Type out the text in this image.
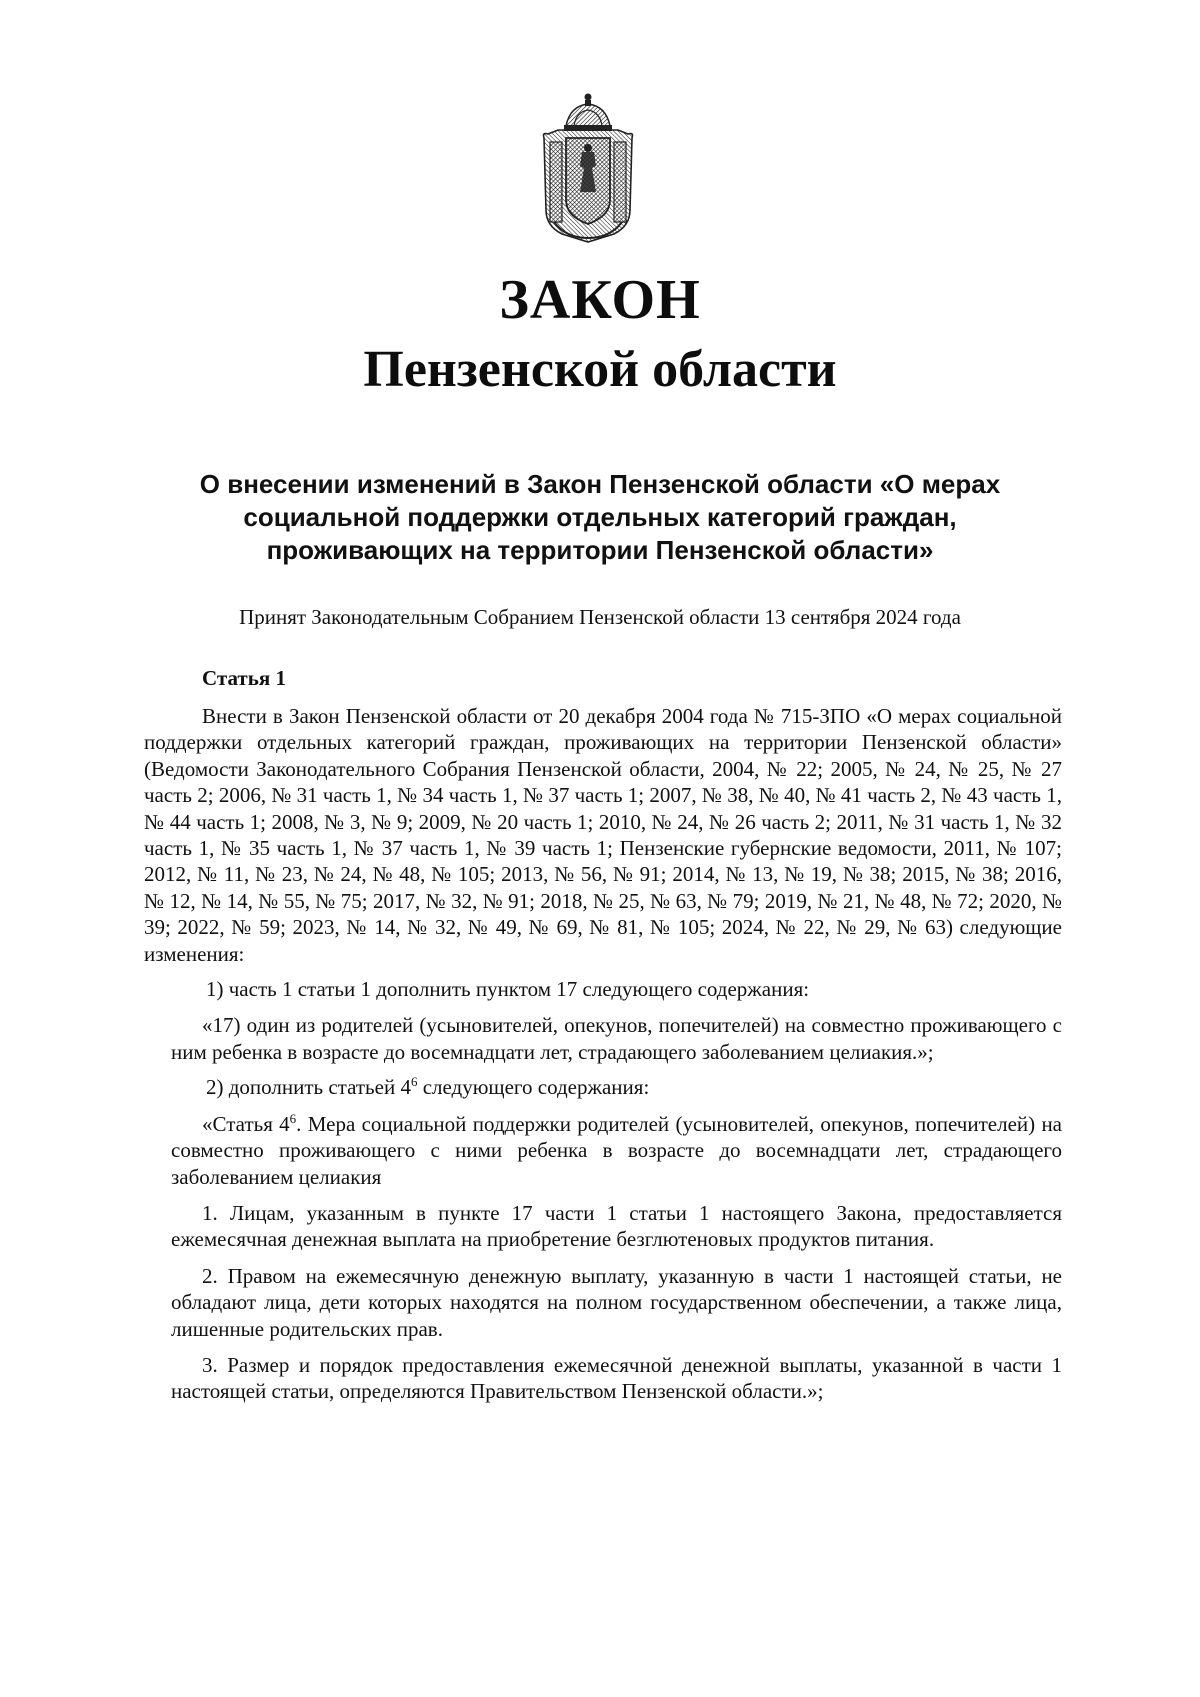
ЗАКОН
Пензенской области
О внесении изменений в Закон Пензенской области «О мерах социальной поддержки отдельных категорий граждан, проживающих на территории Пензенской области»

Принят Законодательным Собранием Пензенской области 13 сентября 2024 года

Статья 1

Внести в Закон Пензенской области от 20 декабря 2004 года № 715-ЗПО «О мерах социальной поддержки отдельных категорий граждан, проживающих на территории Пензенской области» (Ведомости Законодательного Собрания Пензенской области, 2004, № 22; 2005, № 24, № 25, № 27 часть 2; 2006, № 31 часть 1, № 34 часть 1, № 37 часть 1; 2007, № 38, № 40, № 41 часть 2, № 43 часть 1, № 44 часть 1; 2008, № 3, № 9; 2009, № 20 часть 1; 2010, № 24, № 26 часть 2; 2011, № 31 часть 1, № 32 часть 1, № 35 часть 1, № 37 часть 1, № 39 часть 1; Пензенские губернские ведомости, 2011, № 107; 2012, № 11, № 23, № 24, № 48, № 105; 2013, № 56, № 91; 2014, № 13, № 19, № 38; 2015, № 38; 2016, № 12, № 14, № 55, № 75; 2017, № 32, № 91; 2018, № 25, № 63, № 79; 2019, № 21, № 48, № 72; 2020, № 39; 2022, № 59; 2023, № 14, № 32, № 49, № 69, № 81, № 105; 2024, № 22, № 29, № 63) следующие изменения:

1) часть 1 статьи 1 дополнить пунктом 17 следующего содержания:

«17) один из родителей (усыновителей, опекунов, попечителей) на совместно проживающего с ним ребенка в возрасте до восемнадцати лет, страдающего заболеванием целиакия.»;

2) дополнить статьей $4^6$ следующего содержания:

«Статья $4^6$. Мера социальной поддержки родителей (усыновителей, опекунов, попечителей) на совместно проживающего с ними ребенка в возрасте до восемнадцати лет, страдающего заболеванием целиакия

1. Лицам, указанным в пункте 17 части 1 статьи 1 настоящего Закона, предоставляется ежемесячная денежная выплата на приобретение безглютеновых продуктов питания.

2. Правом на ежемесячную денежную выплату, указанную в части 1 настоящей статьи, не обладают лица, дети которых находятся на полном государственном обеспечении, а также лица, лишенные родительских прав.

3. Размер и порядок предоставления ежемесячной денежной выплаты, указанной в части 1 настоящей статьи, определяются Правительством Пензенской области.»;
